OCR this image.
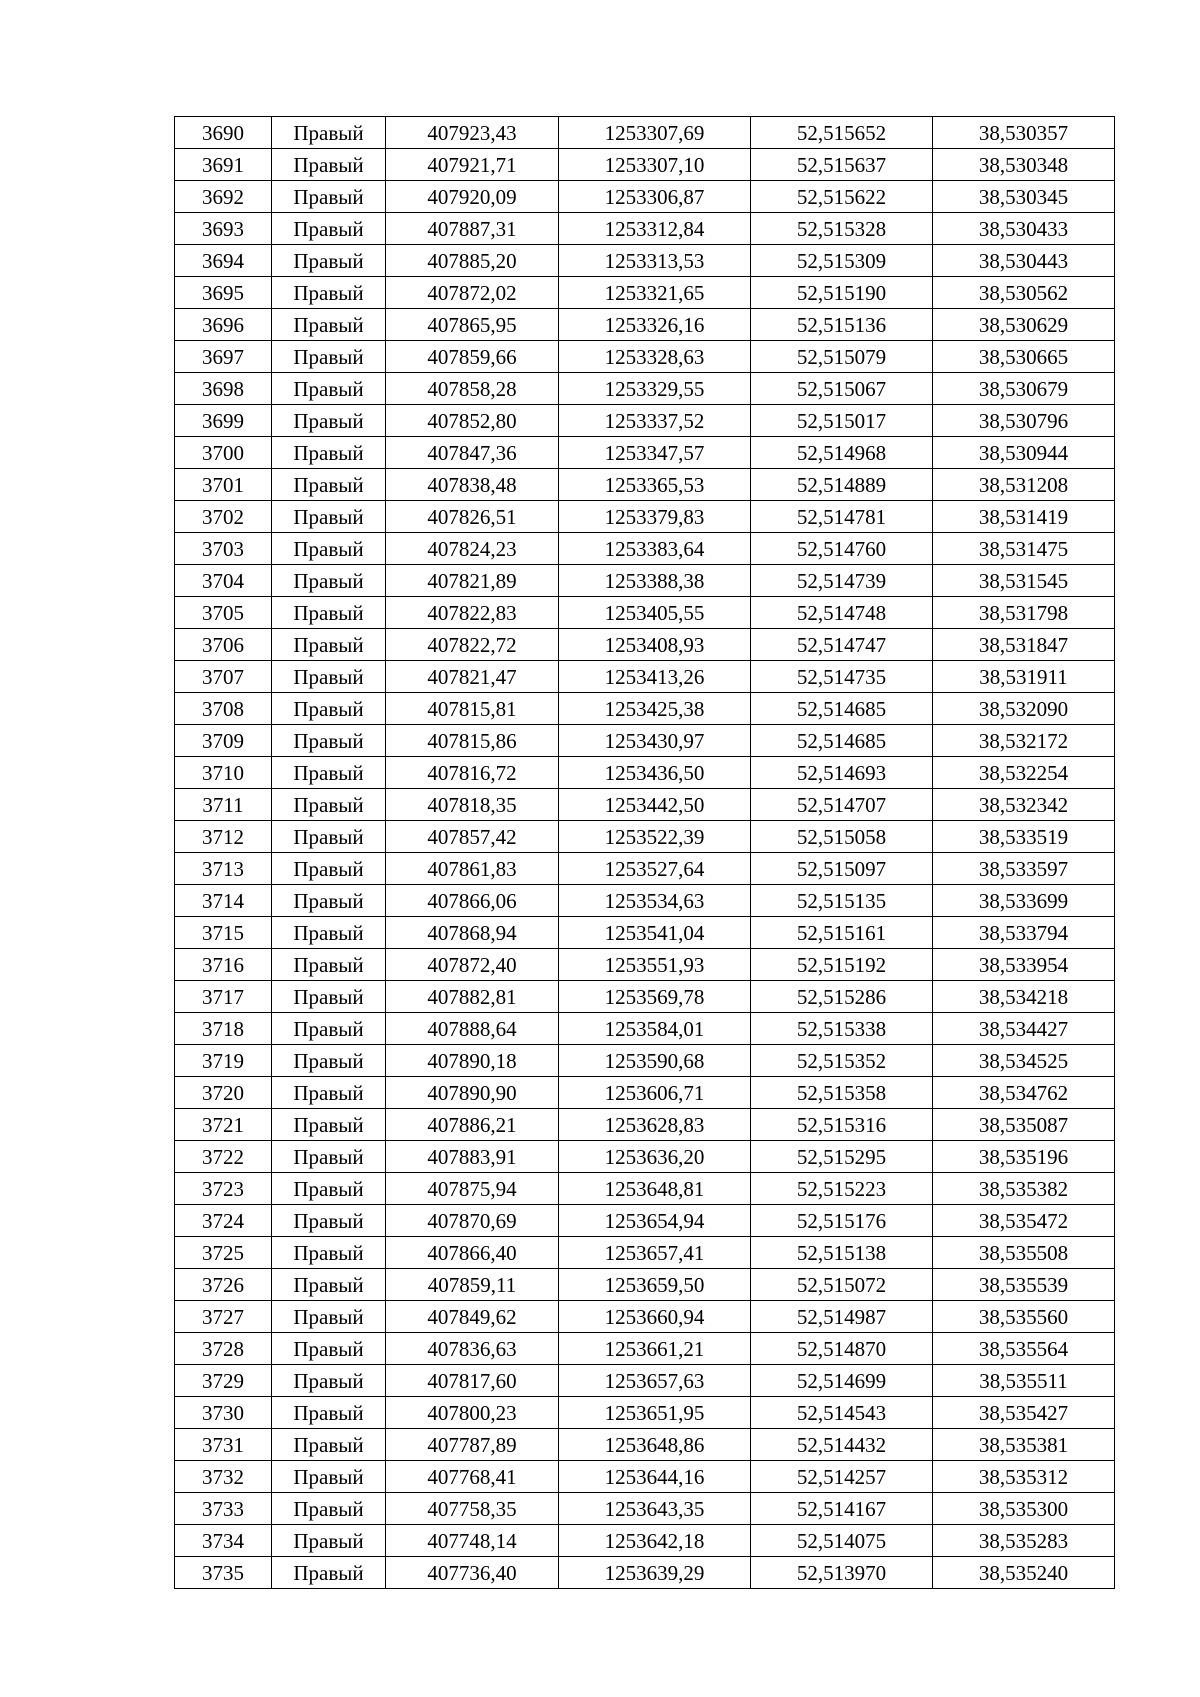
3690	Правый	407923,43	1253307,69	52,515652	38,530357
3691	Правый	407921,71	1253307,10	52,515637	38,530348
3692	Правый	407920,09	1253306,87	52,515622	38,530345
3693	Правый	407887,31	1253312,84	52,515328	38,530433
3694	Правый	407885,20	1253313,53	52,515309	38,530443
3695	Правый	407872,02	1253321,65	52,515190	38,530562
3696	Правый	407865,95	1253326,16	52,515136	38,530629
3697	Правый	407859,66	1253328,63	52,515079	38,530665
3698	Правый	407858,28	1253329,55	52,515067	38,530679
3699	Правый	407852,80	1253337,52	52,515017	38,530796
3700	Правый	407847,36	1253347,57	52,514968	38,530944
3701	Правый	407838,48	1253365,53	52,514889	38,531208
3702	Правый	407826,51	1253379,83	52,514781	38,531419
3703	Правый	407824,23	1253383,64	52,514760	38,531475
3704	Правый	407821,89	1253388,38	52,514739	38,531545
3705	Правый	407822,83	1253405,55	52,514748	38,531798
3706	Правый	407822,72	1253408,93	52,514747	38,531847
3707	Правый	407821,47	1253413,26	52,514735	38,531911
3708	Правый	407815,81	1253425,38	52,514685	38,532090
3709	Правый	407815,86	1253430,97	52,514685	38,532172
3710	Правый	407816,72	1253436,50	52,514693	38,532254
3711	Правый	407818,35	1253442,50	52,514707	38,532342
3712	Правый	407857,42	1253522,39	52,515058	38,533519
3713	Правый	407861,83	1253527,64	52,515097	38,533597
3714	Правый	407866,06	1253534,63	52,515135	38,533699
3715	Правый	407868,94	1253541,04	52,515161	38,533794
3716	Правый	407872,40	1253551,93	52,515192	38,533954
3717	Правый	407882,81	1253569,78	52,515286	38,534218
3718	Правый	407888,64	1253584,01	52,515338	38,534427
3719	Правый	407890,18	1253590,68	52,515352	38,534525
3720	Правый	407890,90	1253606,71	52,515358	38,534762
3721	Правый	407886,21	1253628,83	52,515316	38,535087
3722	Правый	407883,91	1253636,20	52,515295	38,535196
3723	Правый	407875,94	1253648,81	52,515223	38,535382
3724	Правый	407870,69	1253654,94	52,515176	38,535472
3725	Правый	407866,40	1253657,41	52,515138	38,535508
3726	Правый	407859,11	1253659,50	52,515072	38,535539
3727	Правый	407849,62	1253660,94	52,514987	38,535560
3728	Правый	407836,63	1253661,21	52,514870	38,535564
3729	Правый	407817,60	1253657,63	52,514699	38,535511
3730	Правый	407800,23	1253651,95	52,514543	38,535427
3731	Правый	407787,89	1253648,86	52,514432	38,535381
3732	Правый	407768,41	1253644,16	52,514257	38,535312
3733	Правый	407758,35	1253643,35	52,514167	38,535300
3734	Правый	407748,14	1253642,18	52,514075	38,535283
3735	Правый	407736,40	1253639,29	52,513970	38,535240
